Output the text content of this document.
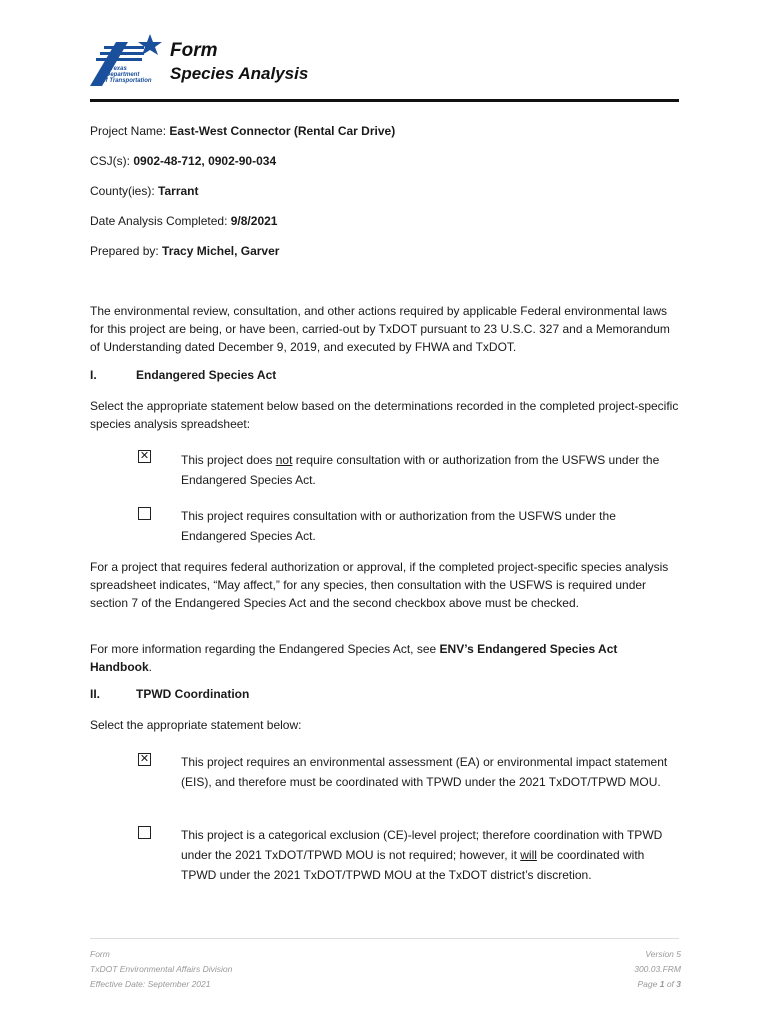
Texas
Department
of Transportation
Form
Species Analysis
Project Name: East-West Connector (Rental Car Drive)
CSJ(s): 0902-48-712, 0902-90-034
County(ies): Tarrant
Date Analysis Completed: 9/8/2021
Prepared by: Tracy Michel, Garver
The environmental review, consultation, and other actions required by applicable Federal environmental laws for this project are being, or have been, carried-out by TxDOT pursuant to 23 U.S.C. 327 and a Memorandum of Understanding dated December 9, 2019, and executed by FHWA and TxDOT.
I.	Endangered Species Act
Select the appropriate statement below based on the determinations recorded in the completed project-specific species analysis spreadsheet:
✕	This project does not require consultation with or authorization from the USFWS under the Endangered Species Act.
This project requires consultation with or authorization from the USFWS under the Endangered Species Act.
For a project that requires federal authorization or approval, if the completed project-specific species analysis spreadsheet indicates, “May affect,” for any species, then consultation with the USFWS is required under section 7 of the Endangered Species Act and the second checkbox above must be checked.
For more information regarding the Endangered Species Act, see ENV’s Endangered Species Act Handbook.
II.	TPWD Coordination
Select the appropriate statement below:
✕	This project requires an environmental assessment (EA) or environmental impact statement (EIS), and therefore must be coordinated with TPWD under the 2021 TxDOT/TPWD MOU.
This project is a categorical exclusion (CE)-level project; therefore coordination with TPWD under the 2021 TxDOT/TPWD MOU is not required; however, it will be coordinated with TPWD under the 2021 TxDOT/TPWD MOU at the TxDOT district’s discretion.
Form
TxDOT Environmental Affairs Division
Effective Date: September 2021
Version 5
300.03.FRM
Page 1 of 3
